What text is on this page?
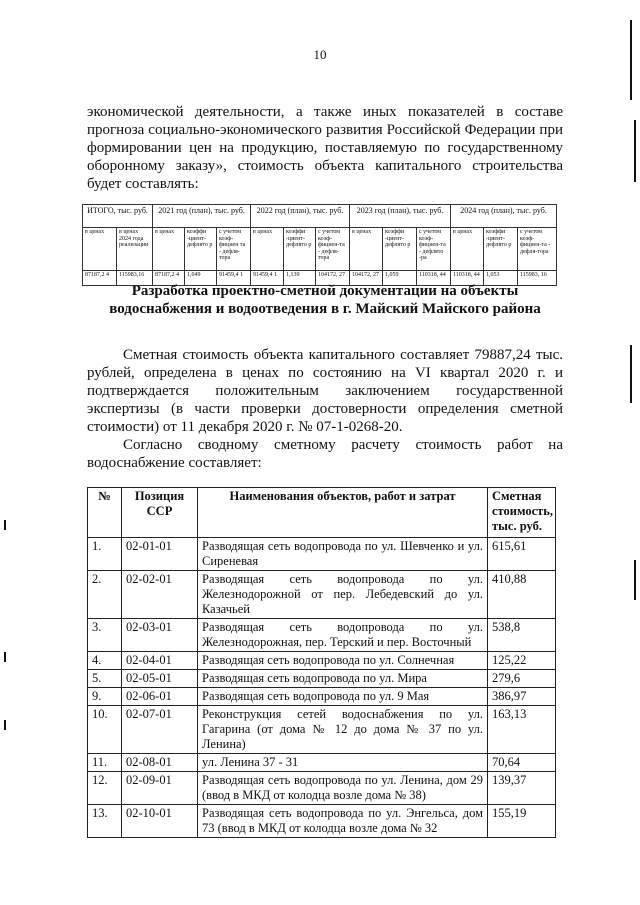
10

экономической деятельности, а также иных показателей в составе прогноза социально-экономического развития Российской Федерации при формировании цен на продукцию, поставляемую по государственному оборонному заказу», стоимость объекта капитального строительства будет составлять:

ИТОГО, тыс. руб.		2021 год (план), тыс. руб.			2022 год (план), тыс. руб.			2023 год (план), тыс. руб.			2024 год (план), тыс. руб.		
в ценах	в ценах 2024 года реализации	в ценах	коэффи -циент-дефлято р	с учетом коэф-фициен та - дефля-тора	в ценах	коэффи -циент-дефлято р	с учетом коэф-фициен-та - дефля-тора	в ценах	коэффи -циент-дефлято р	с учетом коэф-фициен-та - дефлято -ра	в ценах	коэффи -циент-дефлято р	с учетом коэф-фициен-та - дефля-тора
87187,2 4	115983,16	87187,2 4	1,049	91459,4 1	91459,4 1	1,139	104172, 27	104172, 27	1,059	110318, 44	110318, 44	1,053	115983, 16
Разработка проектно-сметной документации на объекты водоснабжения и водоотведения в г. Майский Майского района

Сметная стоимость объекта капитального составляет 79887,24 тыс. рублей, определена в ценах по состоянию на VI квартал 2020 г. и подтверждается положительным заключением государственной экспертизы (в части проверки достоверности определения сметной стоимости) от 11 декабря 2020 г. № 07-1-0268-20.

Согласно сводному сметному расчету стоимость работ на водоснабжение составляет:

№	Позиция ССР	Наименования объектов, работ и затрат	Сметная стоимость, тыс. руб.
1.	02-01-01	Разводящая сеть водопровода по ул. Шевченко и ул. Сиреневая	615,61
2.	02-02-01	Разводящая сеть водопровода по ул. Железнодорожной от пер. Лебедевский до ул. Казачьей	410,88
3.	02-03-01	Разводящая сеть водопровода по ул. Железнодорожная, пер. Терский и пер. Восточный	538,8
4.	02-04-01	Разводящая сеть водопровода по ул. Солнечная	125,22
5.	02-05-01	Разводящая сеть водопровода по ул. Мира	279,6
9.	02-06-01	Разводящая сеть водопровода по ул. 9 Мая	386,97
10.	02-07-01	Реконструкция сетей водоснабжения по ул. Гагарина (от дома № 12 до дома № 37 по ул. Ленина)	163,13
11.	02-08-01	ул. Ленина 37 - 31	70,64
12.	02-09-01	Разводящая сеть водопровода по ул. Ленина, дом 29 (ввод в МКД от колодца возле дома № 38)	139,37
13.	02-10-01	Разводящая сеть водопровода по ул. Энгельса, дом 73 (ввод в МКД от колодца возле дома № 32	155,19
